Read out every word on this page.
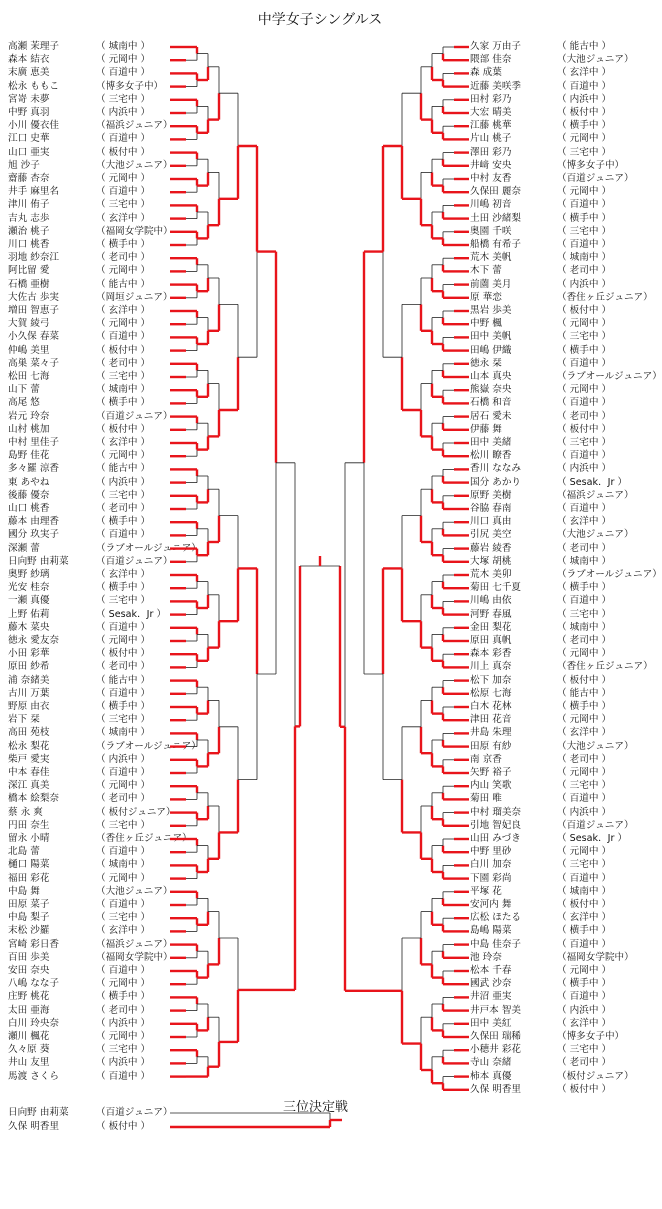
中学女子シングルス
高瀬 茉理子	（ 城南中 ）
森本 結衣	（ 元岡中 ）
末廣 恵美	（ 百道中 ）
松永 ももこ	（博多女子中）
宮嵜 未夢	（ 三宅中 ）
中野 真羽	（ 内浜中 ）
小川 優衣佳	（福浜ジュニア）
江口 史華	（ 百道中 ）
山口 亜実	（ 板付中 ）
旭 沙子	（大池ジュニア）
齋藤 杏奈	（ 元岡中 ）
井手 麻里名	（ 百道中 ）
津川 侑子	（ 三宅中 ）
吉丸 志歩	（ 玄洋中 ）
瀬治 桃子	（福岡女学院中）
川口 桃香	（ 横手中 ）
羽地 紗奈江	（ 老司中 ）
阿比留 愛	（ 元岡中 ）
石橋 亜樹	（ 能古中 ）
大佐古 歩実	（岡垣ジュニア）
増田 智恵子	（ 玄洋中 ）
大賀 綾弓	（ 元岡中 ）
小久保 春菜	（ 百道中 ）
仲嶋 美里	（ 板付中 ）
高巣 菜々子	（ 老司中 ）
松田 七海	（ 三宅中 ）
山下 蕾	（ 城南中 ）
高尾 悠	（ 横手中 ）
岩元 玲奈	（百道ジュニア）
山村 桃加	（ 板付中 ）
中村 里佳子	（ 玄洋中 ）
島野 佳花	（ 元岡中 ）
多々羅 涼香	（ 能古中 ）
東 あやね	（ 内浜中 ）
後藤 優奈	（ 三宅中 ）
山口 桃香	（ 老司中 ）
藤本 由理香	（ 横手中 ）
國分 玖実子	（ 百道中 ）
深瀬 蕾	（ラブオールジュニア）
日向野 由莉菜	（百道ジュニア）
奥野 紗璃	（ 玄洋中 ）
光安 桂奈	（ 横手中 ）
一瀬 真優	（ 三宅中 ）
上野 佑莉	（ Sesak．Jr ）
藤木 菜央	（ 百道中 ）
徳永 愛友奈	（ 元岡中 ）
小田 彩華	（ 板付中 ）
原田 紗希	（ 老司中 ）
浦 奈緒美	（ 能古中 ）
古川 万葉	（ 百道中 ）
野原 由衣	（ 横手中 ）
岩下 栞	（ 三宅中 ）
高田 苑枝	（ 城南中 ）
松永 梨花	（ラブオールジュニア）
柴戸 愛実	（ 内浜中 ）
中本 春佳	（ 百道中 ）
深江 真美	（ 元岡中 ）
橋本 絵梨奈	（ 老司中 ）
蔡 永 爽	（ 板付ジュニア）
円田 奈生	（ 三宅中 ）
留永 小晴	（香住ヶ丘ジュニア）
北島 蕾	（ 百道中 ）
樋口 陽菜	（ 城南中 ）
福田 彩花	（ 元岡中 ）
中島 舞	（大池ジュニア）
田原 菜子	（ 百道中 ）
中島 梨子	（ 三宅中 ）
末松 沙羅	（ 玄洋中 ）
宮崎 彩日香	（福浜ジュニア）
百田 歩美	（福岡女学院中）
安田 奈央	（ 百道中 ）
八嶋 なな子	（ 元岡中 ）
庄野 桃花	（ 横手中 ）
太田 亜海	（ 老司中 ）
白川 玲央奈	（ 内浜中 ）
瀬川 楓花	（ 元岡中 ）
久々原 葵	（ 三宅中 ）
井山 友里	（ 内浜中 ）
馬渡 さくら	（ 百道中 ）
久家 万由子	（ 能古中 ）
隈部 佳奈	（大池ジュニア）
森 成葉	（ 玄洋中 ）
近藤 美咲季	（ 百道中 ）
田村 彩乃	（ 内浜中 ）
大宏 晴美	（ 板付中 ）
江藤 桃華	（ 横手中 ）
片山 桃子	（ 元岡中 ）
澤田 彩乃	（ 三宅中 ）
井﨑 安央	（博多女子中）
中村 友香	（百道ジュニア）
久保田 麗奈	（ 元岡中 ）
川嶋 初音	（ 百道中 ）
土田 沙緒梨	（ 横手中 ）
奥園 千咲	（ 三宅中 ）
船橋 有希子	（ 百道中 ）
荒木 美帆	（ 城南中 ）
木下 蕾	（ 老司中 ）
前薗 美月	（ 内浜中 ）
原 華恋	（香住ヶ丘ジュニア）
黒岩 歩美	（ 板付中 ）
中野 楓	（ 元岡中 ）
田中 美帆	（ 三宅中 ）
田嶋 伊織	（ 横手中 ）
徳永 栞	（ 百道中 ）
山本 真央	（ラブオールジュニア）
熊嶽 奈央	（ 元岡中 ）
石橋 和音	（ 百道中 ）
居石 愛未	（ 老司中 ）
伊藤 舞	（ 板付中 ）
田中 美緒	（ 三宅中 ）
松川 瞭香	（ 百道中 ）
香川 ななみ	（ 内浜中 ）
国分 あかり	（ Sesak．Jr ）
原野 美樹	（福浜ジュニア）
谷脇 春南	（ 百道中 ）
川口 真由	（ 玄洋中 ）
引尻 美空	（大池ジュニア）
藤岩 綾香	（ 老司中 ）
大塚 胡桃	（ 城南中 ）
荒木 美卯	（ラブオールジュニア）
菊田 七千夏	（ 横手中 ）
川嶋 由依	（ 百道中 ）
河野 春風	（ 三宅中 ）
金田 梨花	（ 城南中 ）
原田 真帆	（ 老司中 ）
森本 彩香	（ 元岡中 ）
川上 真奈	（香住ヶ丘ジュニア）
松下 加奈	（ 板付中 ）
松原 七海	（ 能古中 ）
白木 花林	（ 横手中 ）
津田 花音	（ 元岡中 ）
井島 朱理	（ 玄洋中 ）
田原 有紗	（大池ジュニア）
南 京香	（ 老司中 ）
矢野 裕子	（ 元岡中 ）
内山 笑歌	（ 三宅中 ）
菊田 唯	（ 百道中 ）
中村 瑠美奈	（ 内浜中 ）
引地 智妃良	（百道ジュニア）
山田 みづき	（ Sesak．Jr ）
中野 里砂	（ 元岡中 ）
白川 加奈	（ 三宅中 ）
下園 彩尚	（ 百道中 ）
平塚 花	（ 城南中 ）
安河内 舞	（ 板付中 ）
広松 ほたる	（ 玄洋中 ）
島嶋 陽菜	（ 横手中 ）
中島 佳奈子	（ 百道中 ）
池 玲奈	（福岡女学院中）
松本 千春	（ 元岡中 ）
國武 沙奈	（ 横手中 ）
井沼 亜実	（ 百道中 ）
井戸本 智美	（ 内浜中 ）
田中 美紅	（ 玄洋中 ）
久保田 瑞稀	（博多女子中）
小穂井 彩花	（ 三宅中 ）
寺山 奈緒	（ 老司中 ）
柿本 真優	（板付ジュニア）
久保 明香里	（ 板付中 ）
日向野 由莉菜	（百道ジュニア）
久保 明香里	（ 板付中 ）
三位決定戦
